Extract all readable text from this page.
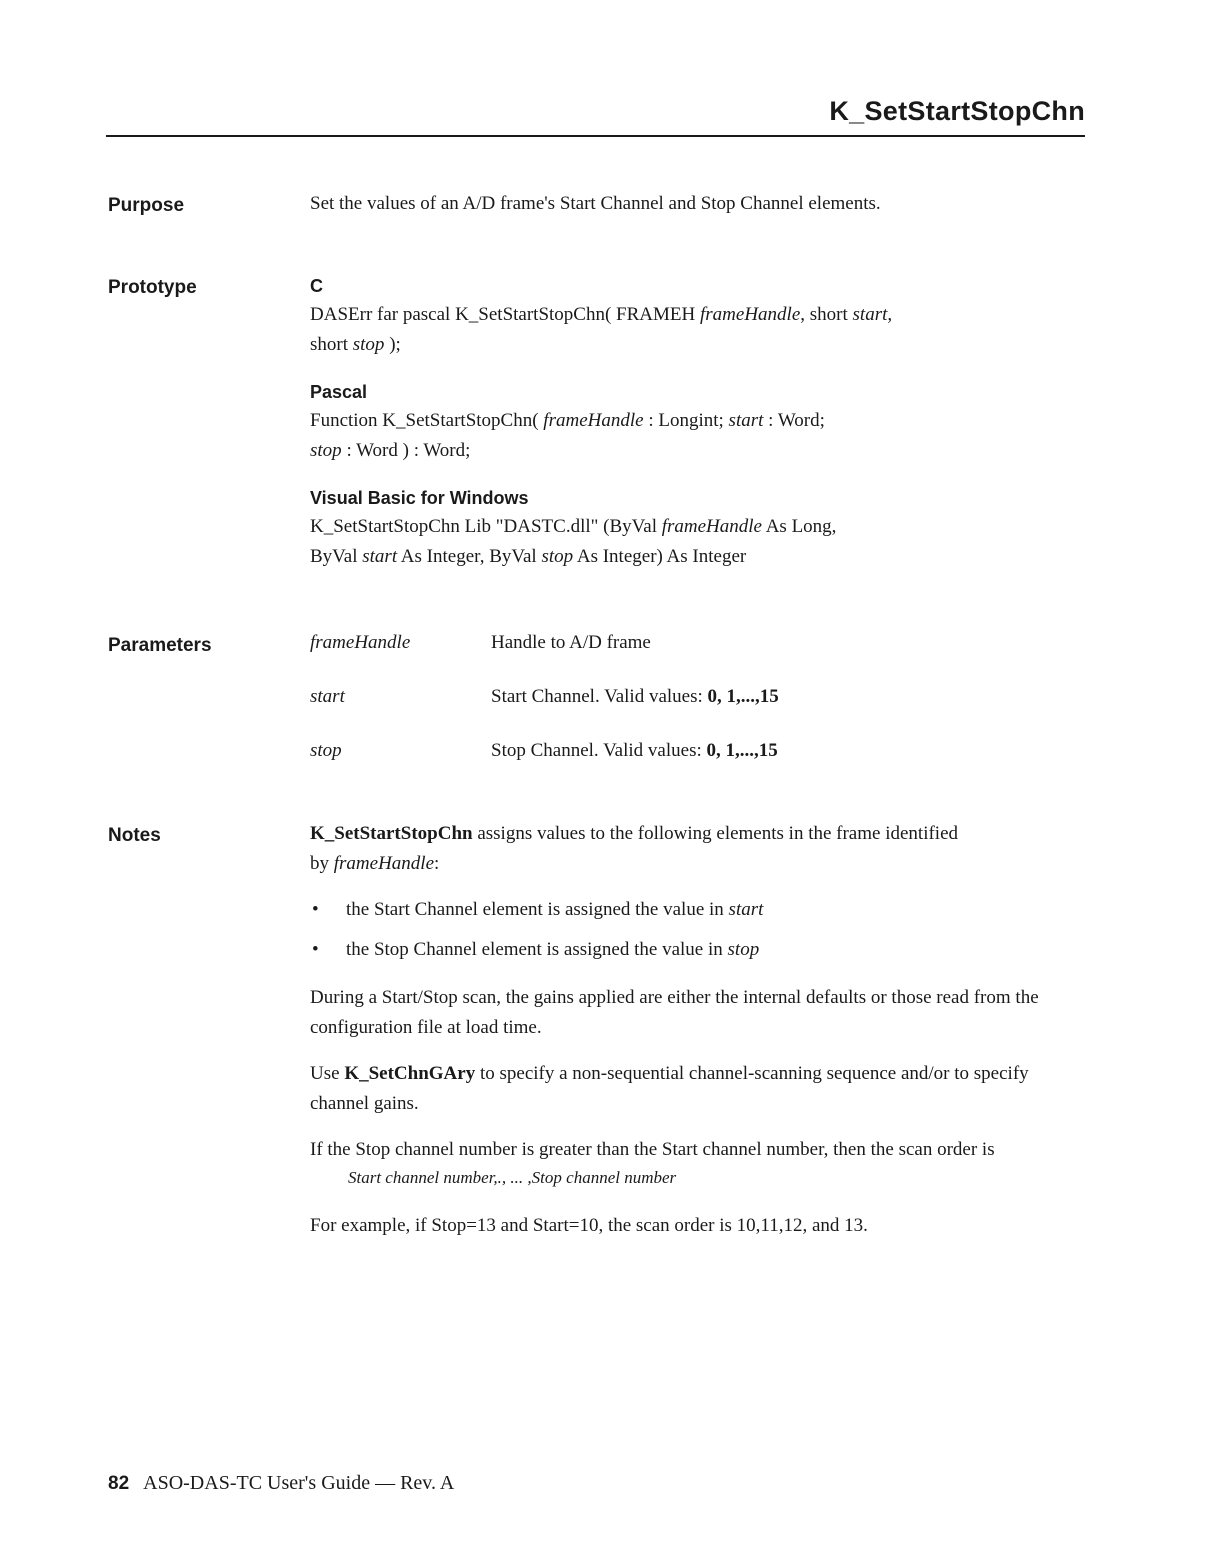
K_SetStartStopChn
Purpose	Set the values of an A/D frame's Start Channel and Stop Channel elements.
Prototype	C
DASErr far pascal K_SetStartStopChn( FRAMEH frameHandle, short start,
short stop );
Pascal
Function K_SetStartStopChn( frameHandle : Longint; start : Word;
stop : Word ) : Word;
Visual Basic for Windows
K_SetStartStopChn Lib "DASTC.dll" (ByVal frameHandle As Long,
ByVal start As Integer, ByVal stop As Integer) As Integer
Parameters	frameHandle	Handle to A/D frame
start	Start Channel. Valid values: 0, 1,...,15
stop	Stop Channel. Valid values: 0, 1,...,15
Notes	K_SetStartStopChn assigns values to the following elements in the frame identified
by frameHandle:
• the Start Channel element is assigned the value in start
• the Stop Channel element is assigned the value in stop
During a Start/Stop scan, the gains applied are either the internal defaults or those read from the configuration file at load time.
Use K_SetChnGAry to specify a non-sequential channel-scanning sequence and/or to specify channel gains.
If the Stop channel number is greater than the Start channel number, then the scan order is
Start channel number,., ... ,Stop channel number
For example, if Stop=13 and Start=10, the scan order is 10,11,12, and 13.
82 ASO-DAS-TC User's Guide — Rev. A
